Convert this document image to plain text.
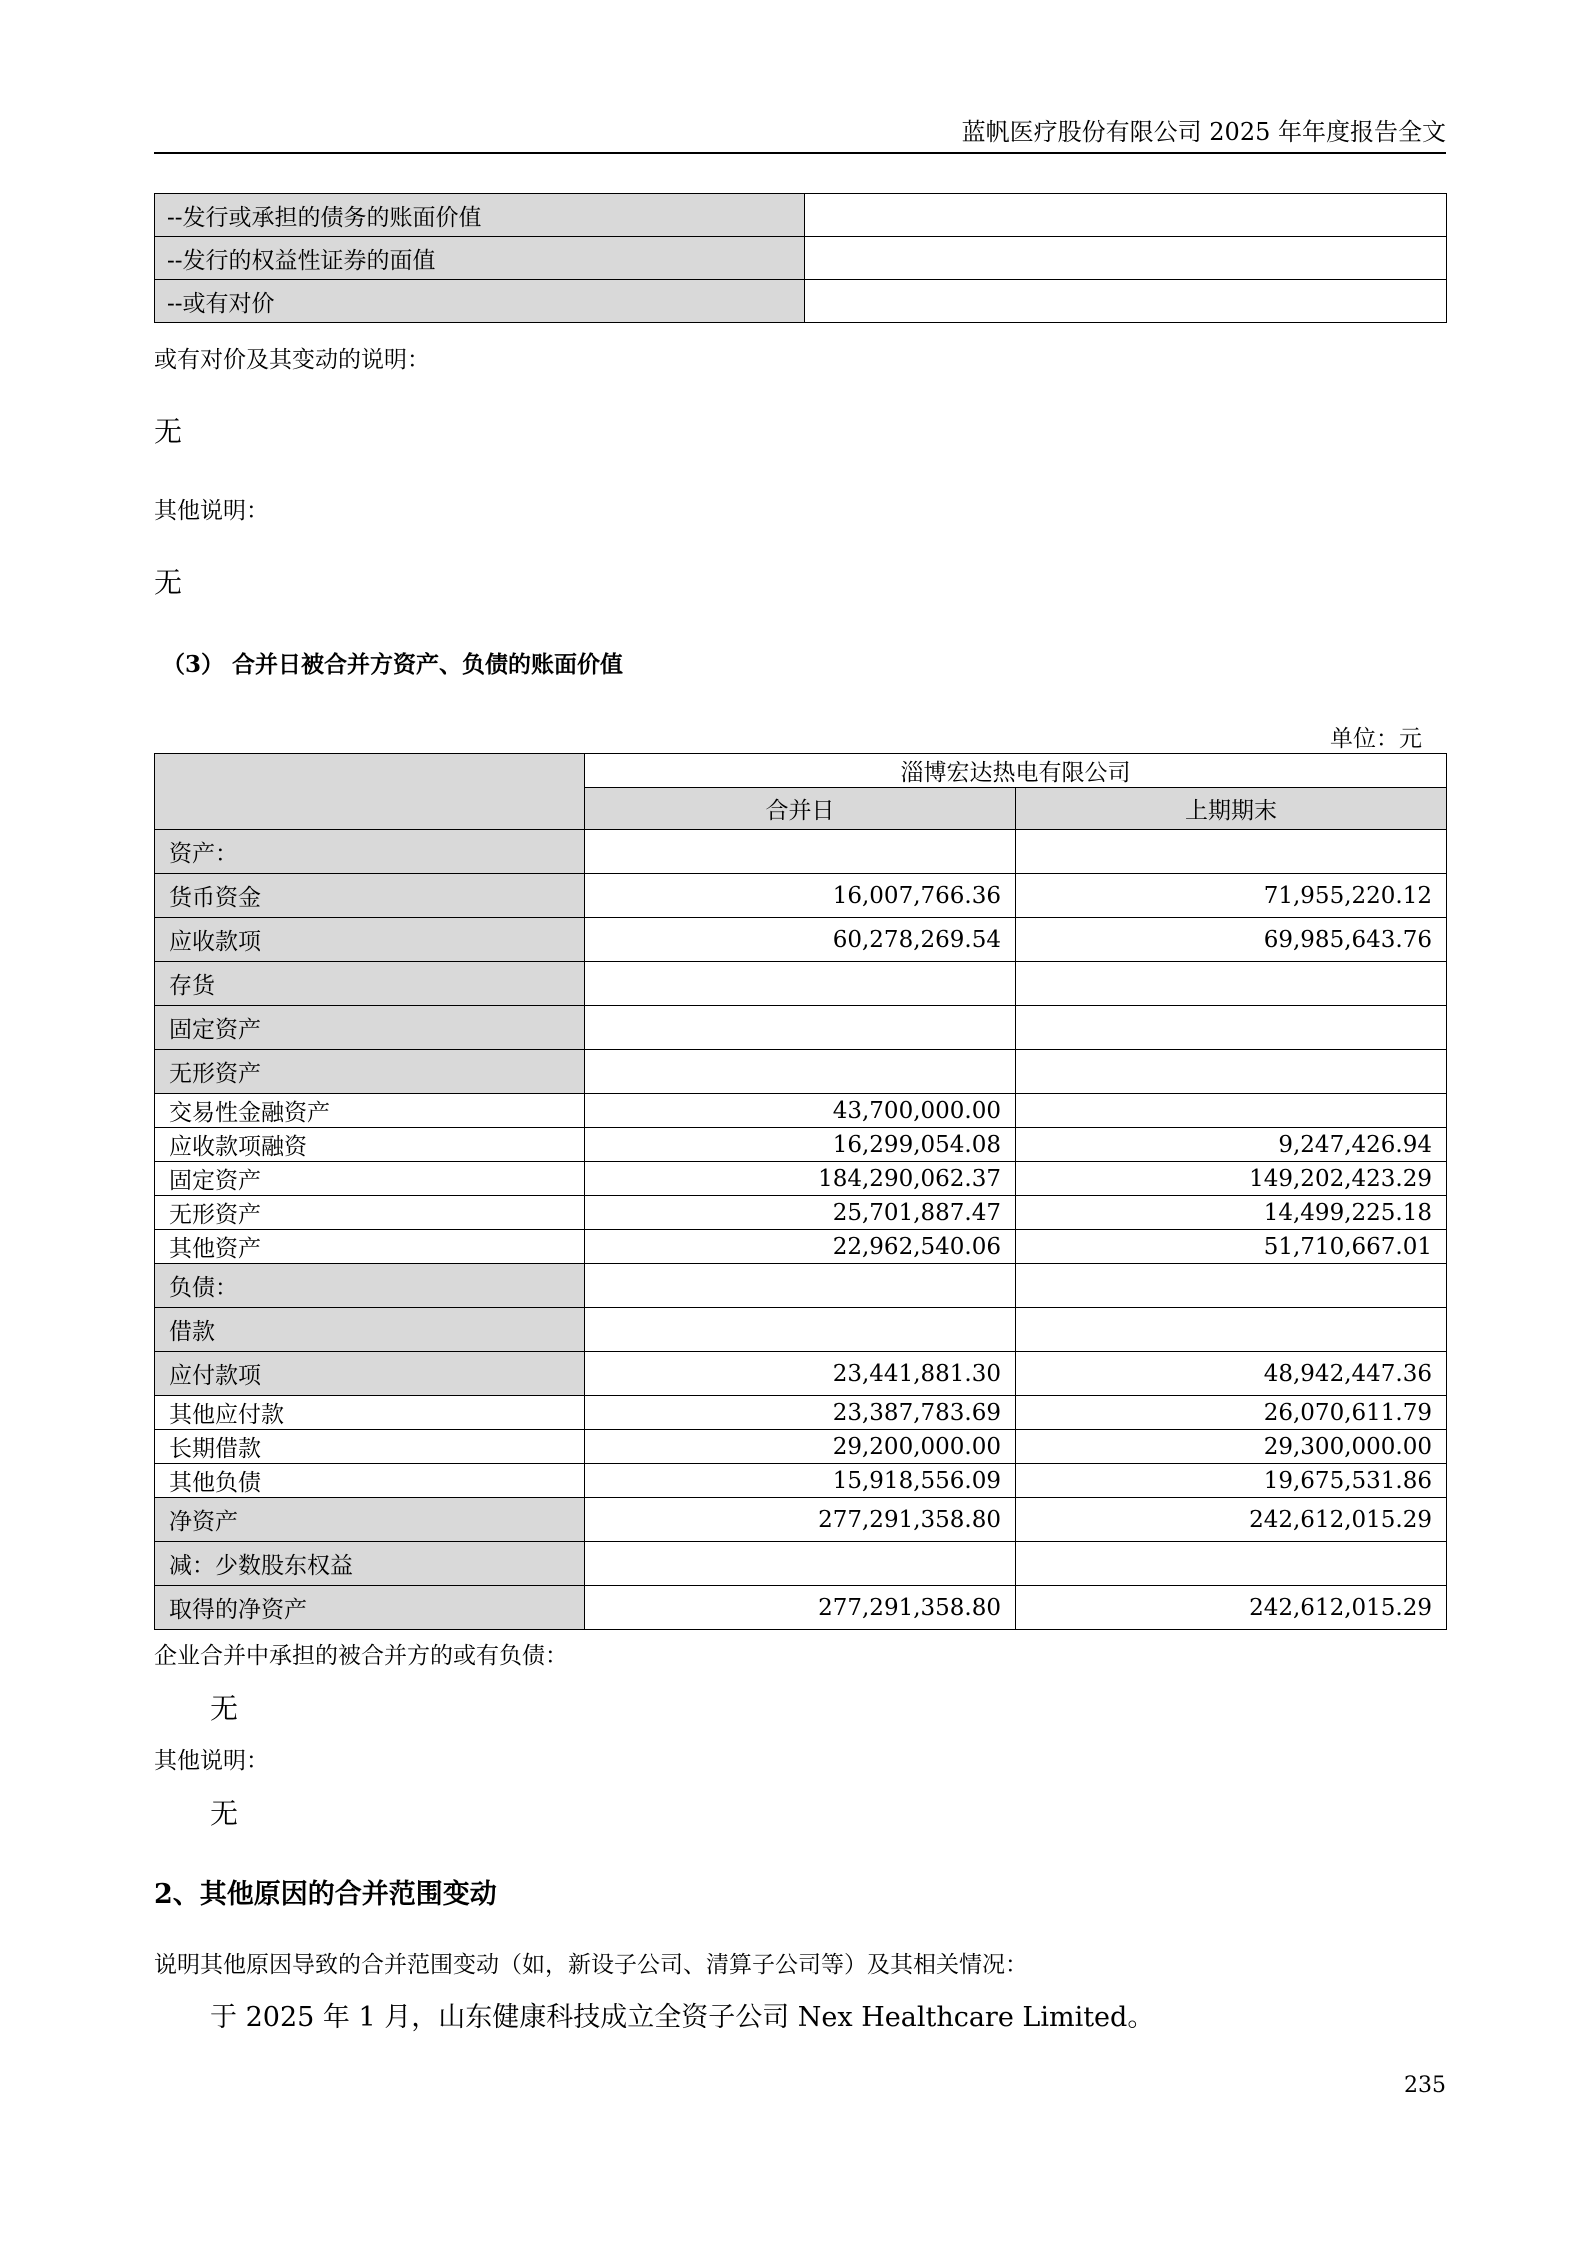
蓝帆医疗股份有限公司 2025 年年度报告全文
--发行或承担的债务的账面价值	
--发行的权益性证券的面值	
--或有对价	
或有对价及其变动的说明：
无
其他说明：
无
（3） 合并日被合并方资产、负债的账面价值
单位：元
	淄博宏达热电有限公司	
	合并日	上期期末
资产：		
货币资金	16,007,766.36	71,955,220.12
应收款项	60,278,269.54	69,985,643.76
存货		
固定资产		
无形资产		
交易性金融资产	43,700,000.00	
应收款项融资	16,299,054.08	9,247,426.94
固定资产	184,290,062.37	149,202,423.29
无形资产	25,701,887.47	14,499,225.18
其他资产	22,962,540.06	51,710,667.01
负债：		
借款		
应付款项	23,441,881.30	48,942,447.36
其他应付款	23,387,783.69	26,070,611.79
长期借款	29,200,000.00	29,300,000.00
其他负债	15,918,556.09	19,675,531.86
净资产	277,291,358.80	242,612,015.29
减：少数股东权益		
取得的净资产	277,291,358.80	242,612,015.29
企业合并中承担的被合并方的或有负债：
无
其他说明：
无
2、其他原因的合并范围变动
说明其他原因导致的合并范围变动（如，新设子公司、清算子公司等）及其相关情况：
于 2025 年 1 月，山东健康科技成立全资子公司 Nex Healthcare Limited。
235
